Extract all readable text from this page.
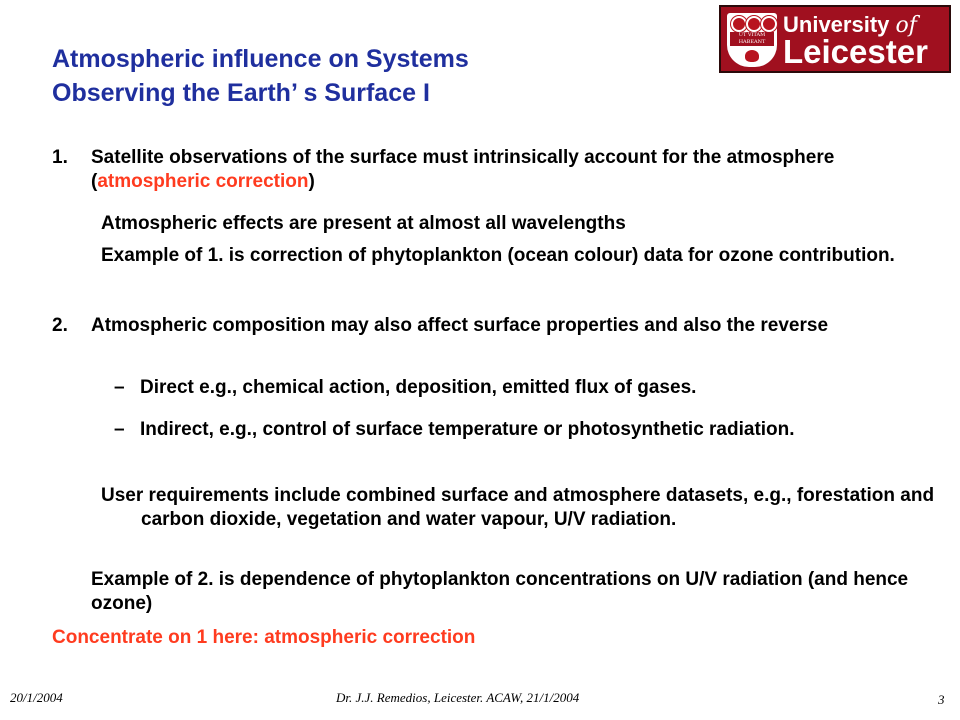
Atmospheric influence on Systems
Observing the Earth’ s Surface I
UT VITAM
HABEANT
University of
Leicester
1. Satellite observations of the surface must intrinsically account for the atmosphere (atmospheric correction)
Atmospheric effects are present at almost all wavelengths
Example of 1. is correction of phytoplankton (ocean colour) data for ozone contribution.
2. Atmospheric composition may also affect surface properties and also the reverse
– Direct e.g., chemical action, deposition, emitted flux of gases.
– Indirect, e.g., control of surface temperature or photosynthetic radiation.
User requirements include combined surface and atmosphere datasets, e.g., forestation and carbon dioxide, vegetation and water vapour, U/V radiation.
Example of 2. is dependence of phytoplankton concentrations on U/V radiation (and hence ozone)
Concentrate on 1 here: atmospheric correction
20/1/2004	Dr. J.J. Remedios, Leicester. ACAW, 21/1/2004	3
